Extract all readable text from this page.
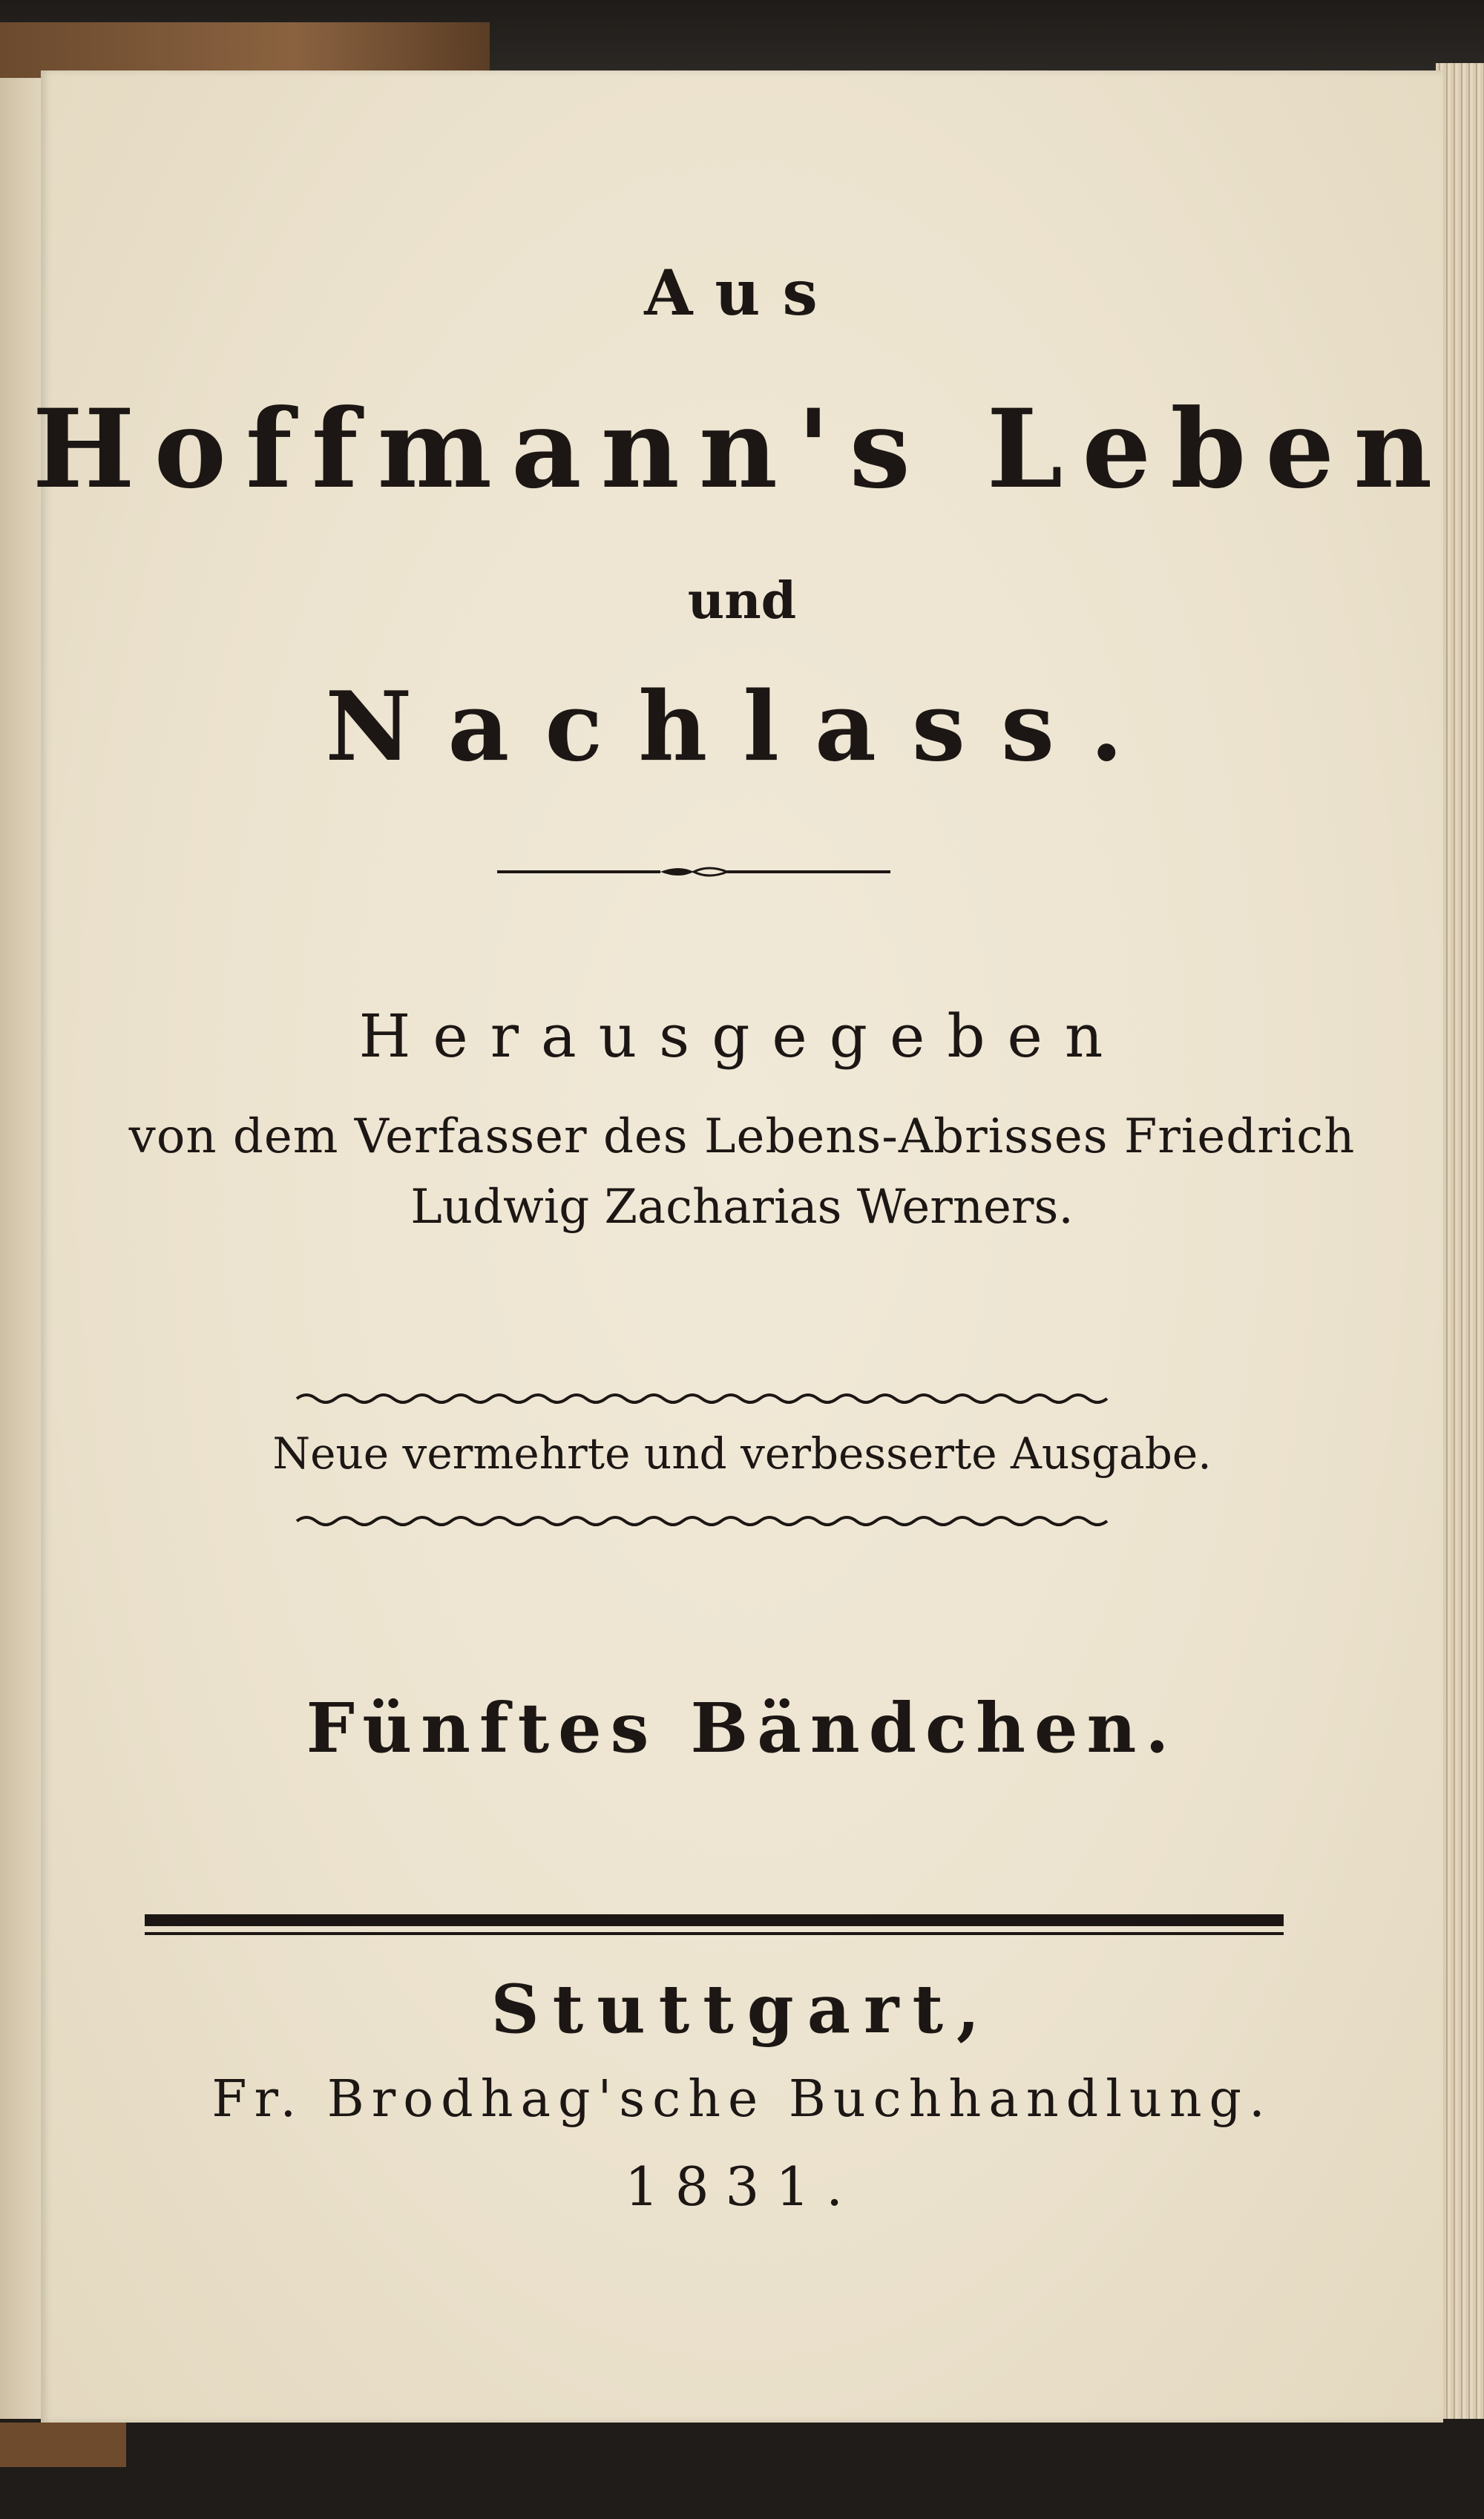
Aus

Hoffmann's Leben

und

Nachlass.

Herausgegeben

von dem Verfasser des Lebens-Abrisses Friedrich

Ludwig Zacharias Werners.

Neue vermehrte und verbesserte Ausgabe.

Fünftes Bändchen.

Stuttgart,

Fr. Brodhag'sche Buchhandlung.

1831.
